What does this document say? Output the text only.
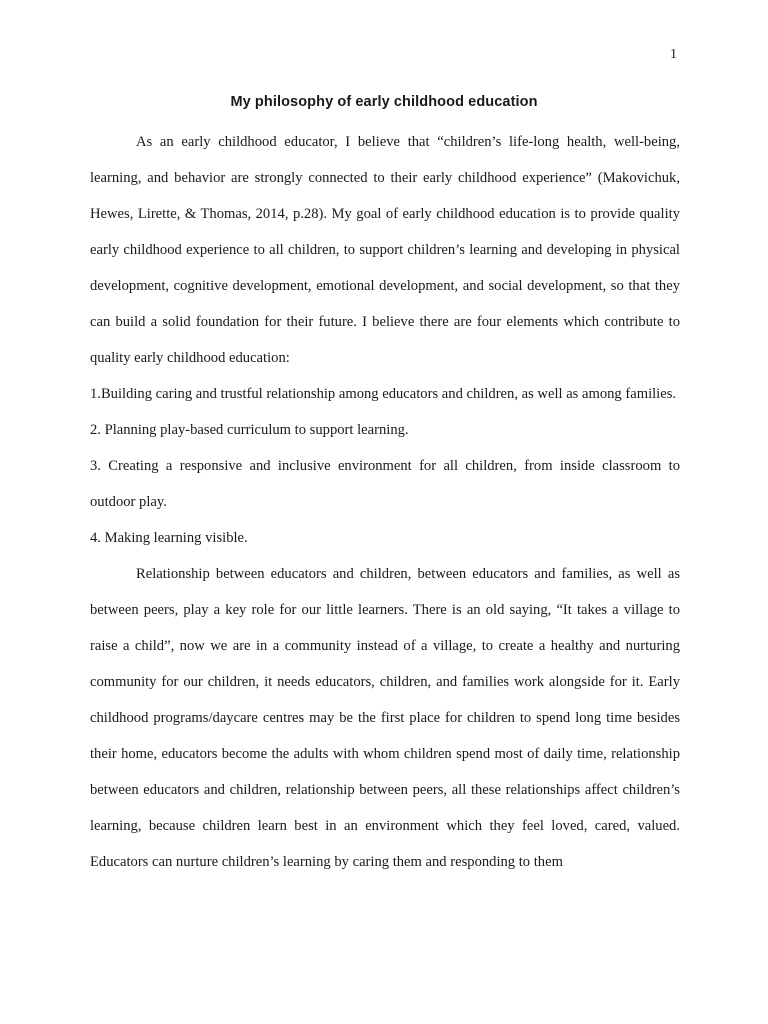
1
My philosophy of early childhood education

As an early childhood educator, I believe that “children’s life-long health, well-being, learning, and behavior are strongly connected to their early childhood experience” (Makovichuk, Hewes, Lirette, & Thomas, 2014, p.28). My goal of early childhood education is to provide quality early childhood experience to all children, to support children’s learning and developing in physical development, cognitive development, emotional development, and social development, so that they can build a solid foundation for their future. I believe there are four elements which contribute to quality early childhood education:

1.Building caring and trustful relationship among educators and children, as well as among families.

2. Planning play-based curriculum to support learning.

3. Creating a responsive and inclusive environment for all children, from inside classroom to outdoor play.

4. Making learning visible.

Relationship between educators and children, between educators and families, as well as between peers, play a key role for our little learners. There is an old saying, “It takes a village to raise a child”, now we are in a community instead of a village, to create a healthy and nurturing community for our children, it needs educators, children, and families work alongside for it. Early childhood programs/daycare centres may be the first place for children to spend long time besides their home, educators become the adults with whom children spend most of daily time, relationship between educators and children, relationship between peers, all these relationships affect children’s learning, because children learn best in an environment which they feel loved, cared, valued. Educators can nurture children’s learning by caring them and responding to them
